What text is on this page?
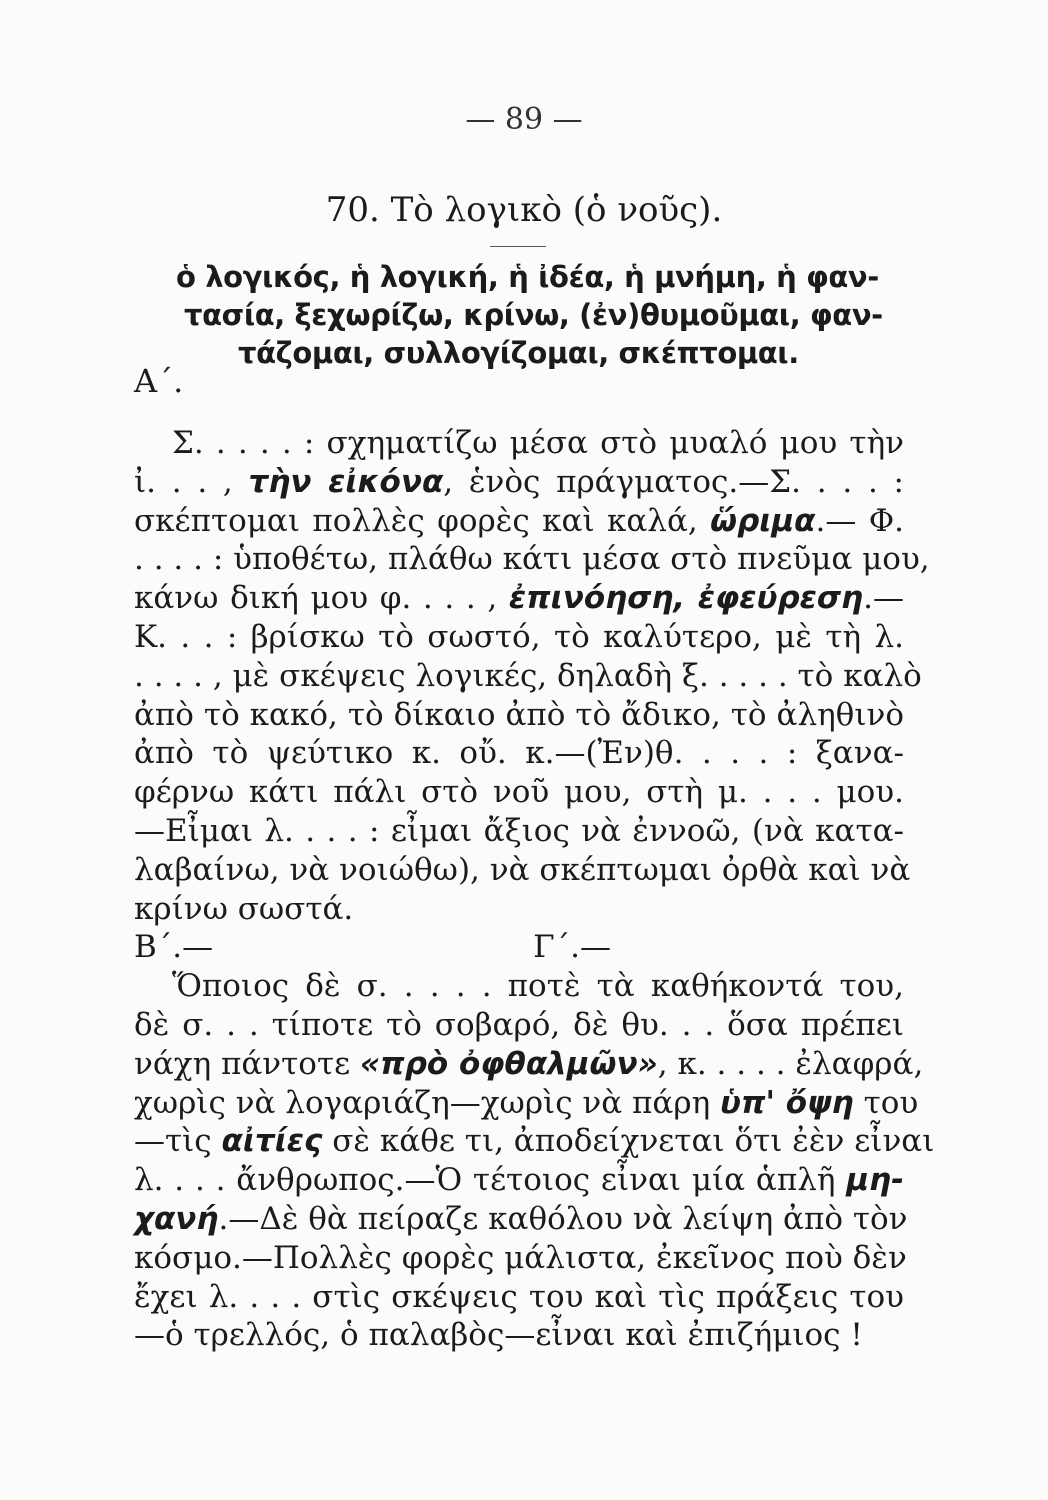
— 89 —
70. Τὸ λογικὸ (ὁ νοῦς).
ὁ λογικός, ἡ λογική, ἡ ἰδέα, ἡ μνήμη, ἡ φαν-
τασία, ξεχωρίζω, κρίνω, (ἐν)θυμοῦμαι, φαν-
τάζομαι, συλλογίζομαι, σκέπτομαι.
Α΄.
Σ. . . . . : σχηματίζω μέσα στὸ μυαλό μου τὴν
ἰ. . . , τὴν εἰκόνα, ἑνὸς πράγματος.—Σ. . . . :
σκέπτομαι πολλὲς φορὲς καὶ καλά, ὥριμα.— Φ.
. . . . : ὑποθέτω, πλάθω κάτι μέσα στὸ πνεῦμα μου,
κάνω δική μου φ. . . . , ἐπινόηση, ἐφεύρεση.—
Κ. . . : βρίσκω τὸ σωστό, τὸ καλύτερο, μὲ τὴ λ.
. . . . , μὲ σκέψεις λογικές, δηλαδὴ ξ. . . . . τὸ καλὸ
ἀπὸ τὸ κακό, τὸ δίκαιο ἀπὸ τὸ ἄδικο, τὸ ἀληθινὸ
ἀπὸ τὸ ψεύτικο κ. οὔ. κ.—(Ἐν)θ. . . . : ξανα-
φέρνω κάτι πάλι στὸ νοῦ μου, στὴ μ. . . . μου.
—Εἶμαι λ. . . . : εἶμαι ἄξιος νὰ ἐννοῶ, (νὰ κατα-
λαβαίνω, νὰ νοιώθω), νὰ σκέπτωμαι ὀρθὰ καὶ νὰ
κρίνω σωστά.
Β΄.—	Γ΄.—
Ὅποιος δὲ σ. . . . . ποτὲ τὰ καθήκοντά του,
δὲ σ. . . τίποτε τὸ σοβαρό, δὲ θυ. . . ὅσα πρέπει
νάχη πάντοτε «πρὸ ὀφθαλμῶν», κ. . . . . ἐλαφρά,
χωρὶς νὰ λογαριάζη—χωρὶς νὰ πάρη ὑπ' ὄψη του
—τὶς αἰτίες σὲ κάθε τι, ἀποδείχνεται ὅτι ἐὲν εἶναι
λ. . . . ἄνθρωπος.—Ὁ τέτοιος εἶναι μία ἁπλῆ μη-
χανή.—Δὲ θὰ πείραζε καθόλου νὰ λείψη ἀπὸ τὸν
κόσμο.—Πολλὲς φορὲς μάλιστα, ἐκεῖνος ποὺ δὲν
ἔχει λ. . . . στὶς σκέψεις του καὶ τὶς πράξεις του
—ὁ τρελλός, ὁ παλαβὸς—εἶναι καὶ ἐπιζήμιος !
